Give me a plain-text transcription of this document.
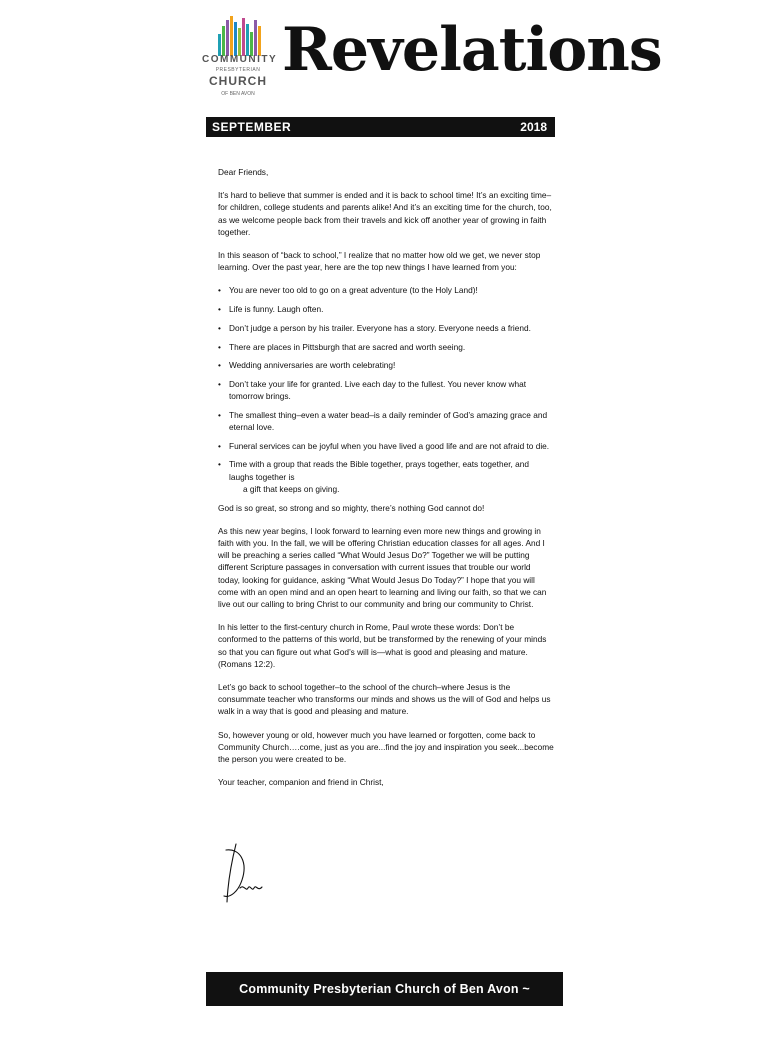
COMMUNITY
PRESBYTERIAN
CHURCH
OF BEN AVON
Revelations
SEPTEMBER	2018

Dear Friends,

It’s hard to believe that summer is ended and it is back to school time! It’s an exciting time–for children, college students and parents alike! And it’s an exciting time for the church, too, as we welcome people back from their travels and kick off another year of growing in faith together.

In this season of “back to school,” I realize that no matter how old we get, we never stop learning. Over the past year, here are the top new things I have learned from you:

• You are never too old to go on a great adventure (to the Holy Land)!
• Life is funny. Laugh often.
• Don’t judge a person by his trailer. Everyone has a story. Everyone needs a friend.
• There are places in Pittsburgh that are sacred and worth seeing.
• Wedding anniversaries are worth celebrating!
• Don’t take your life for granted. Live each day to the fullest. You never know what tomorrow brings.
• The smallest thing–even a water bead–is a daily reminder of God’s amazing grace and eternal love.
• Funeral services can be joyful when you have lived a good life and are not afraid to die.
• Time with a group that reads the Bible together, prays together, eats together, and laughs together is
a gift that keeps on giving.

God is so great, so strong and so mighty, there’s nothing God cannot do!

As this new year begins, I look forward to learning even more new things and growing in faith with you. In the fall, we will be offering Christian education classes for all ages. And I will be preaching a series called “What Would Jesus Do?” Together we will be putting different Scripture passages in conversation with current issues that trouble our world today, looking for guidance, asking “What Would Jesus Do Today?” I hope that you will come with an open mind and an open heart to learning and living our faith, so that we can live out our calling to bring Christ to our community and bring our community to Christ.

In his letter to the first-century church in Rome, Paul wrote these words: Don’t be conformed to the patterns of this world, but be transformed by the renewing of your minds so that you can figure out what God’s will is—what is good and pleasing and mature. (Romans 12:2).

Let’s go back to school together–to the school of the church–where Jesus is the consummate teacher who transforms our minds and shows us the will of God and helps us walk in a way that is good and pleasing and mature.

So, however young or old, however much you have learned or forgotten, come back to Community Church….come, just as you are...find the joy and inspiration you seek...become the person you were created to be.

Your teacher, companion and friend in Christ,

Community Presbyterian Church of Ben Avon ~ Pittsburgh, PA 15202
